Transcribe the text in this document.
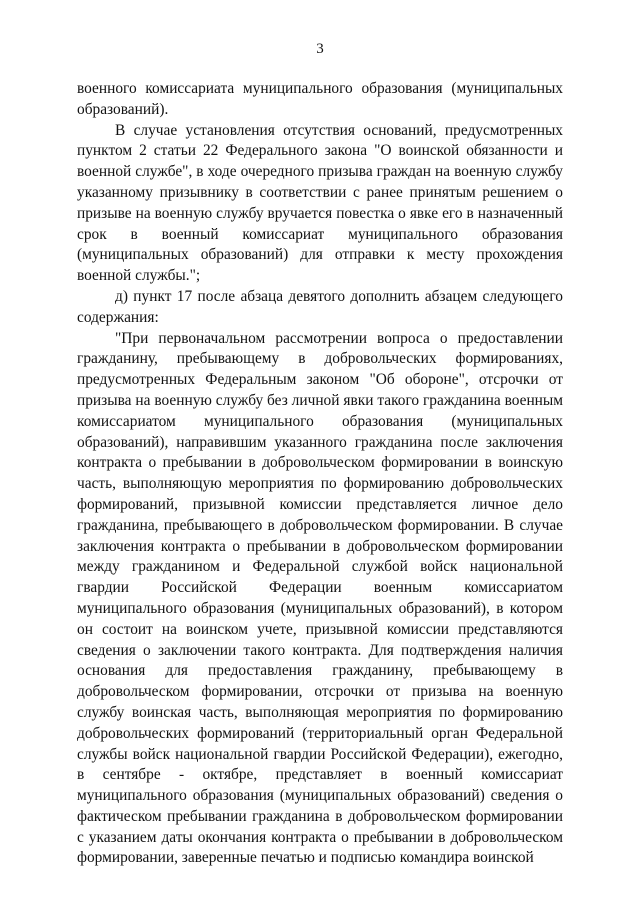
3

военного комиссариата муниципального образования (муниципальных образований).

В случае установления отсутствия оснований, предусмотренных пунктом 2 статьи 22 Федерального закона "О воинской обязанности и военной службе", в ходе очередного призыва граждан на военную службу указанному призывнику в соответствии с ранее принятым решением о призыве на военную службу вручается повестка о явке его в назначенный срок в военный комиссариат муниципального образования (муниципальных образований) для отправки к месту прохождения военной службы.";

д) пункт 17 после абзаца девятого дополнить абзацем следующего содержания:

"При первоначальном рассмотрении вопроса о предоставлении гражданину, пребывающему в добровольческих формированиях, предусмотренных Федеральным законом "Об обороне", отсрочки от призыва на военную службу без личной явки такого гражданина военным комиссариатом муниципального образования (муниципальных образований), направившим указанного гражданина после заключения контракта о пребывании в добровольческом формировании в воинскую часть, выполняющую мероприятия по формированию добровольческих формирований, призывной комиссии представляется личное дело гражданина, пребывающего в добровольческом формировании. В случае заключения контракта о пребывании в добровольческом формировании между гражданином и Федеральной службой войск национальной гвардии Российской Федерации военным комиссариатом муниципального образования (муниципальных образований), в котором он состоит на воинском учете, призывной комиссии представляются сведения о заключении такого контракта. Для подтверждения наличия основания для предоставления гражданину, пребывающему в добровольческом формировании, отсрочки от призыва на военную службу воинская часть, выполняющая мероприятия по формированию добровольческих формирований (территориальный орган Федеральной службы войск национальной гвардии Российской Федерации), ежегодно, в сентябре - октябре, представляет в военный комиссариат муниципального образования (муниципальных образований) сведения о фактическом пребывании гражданина в добровольческом формировании с указанием даты окончания контракта о пребывании в добровольческом формировании, заверенные печатью и подписью командира воинской
